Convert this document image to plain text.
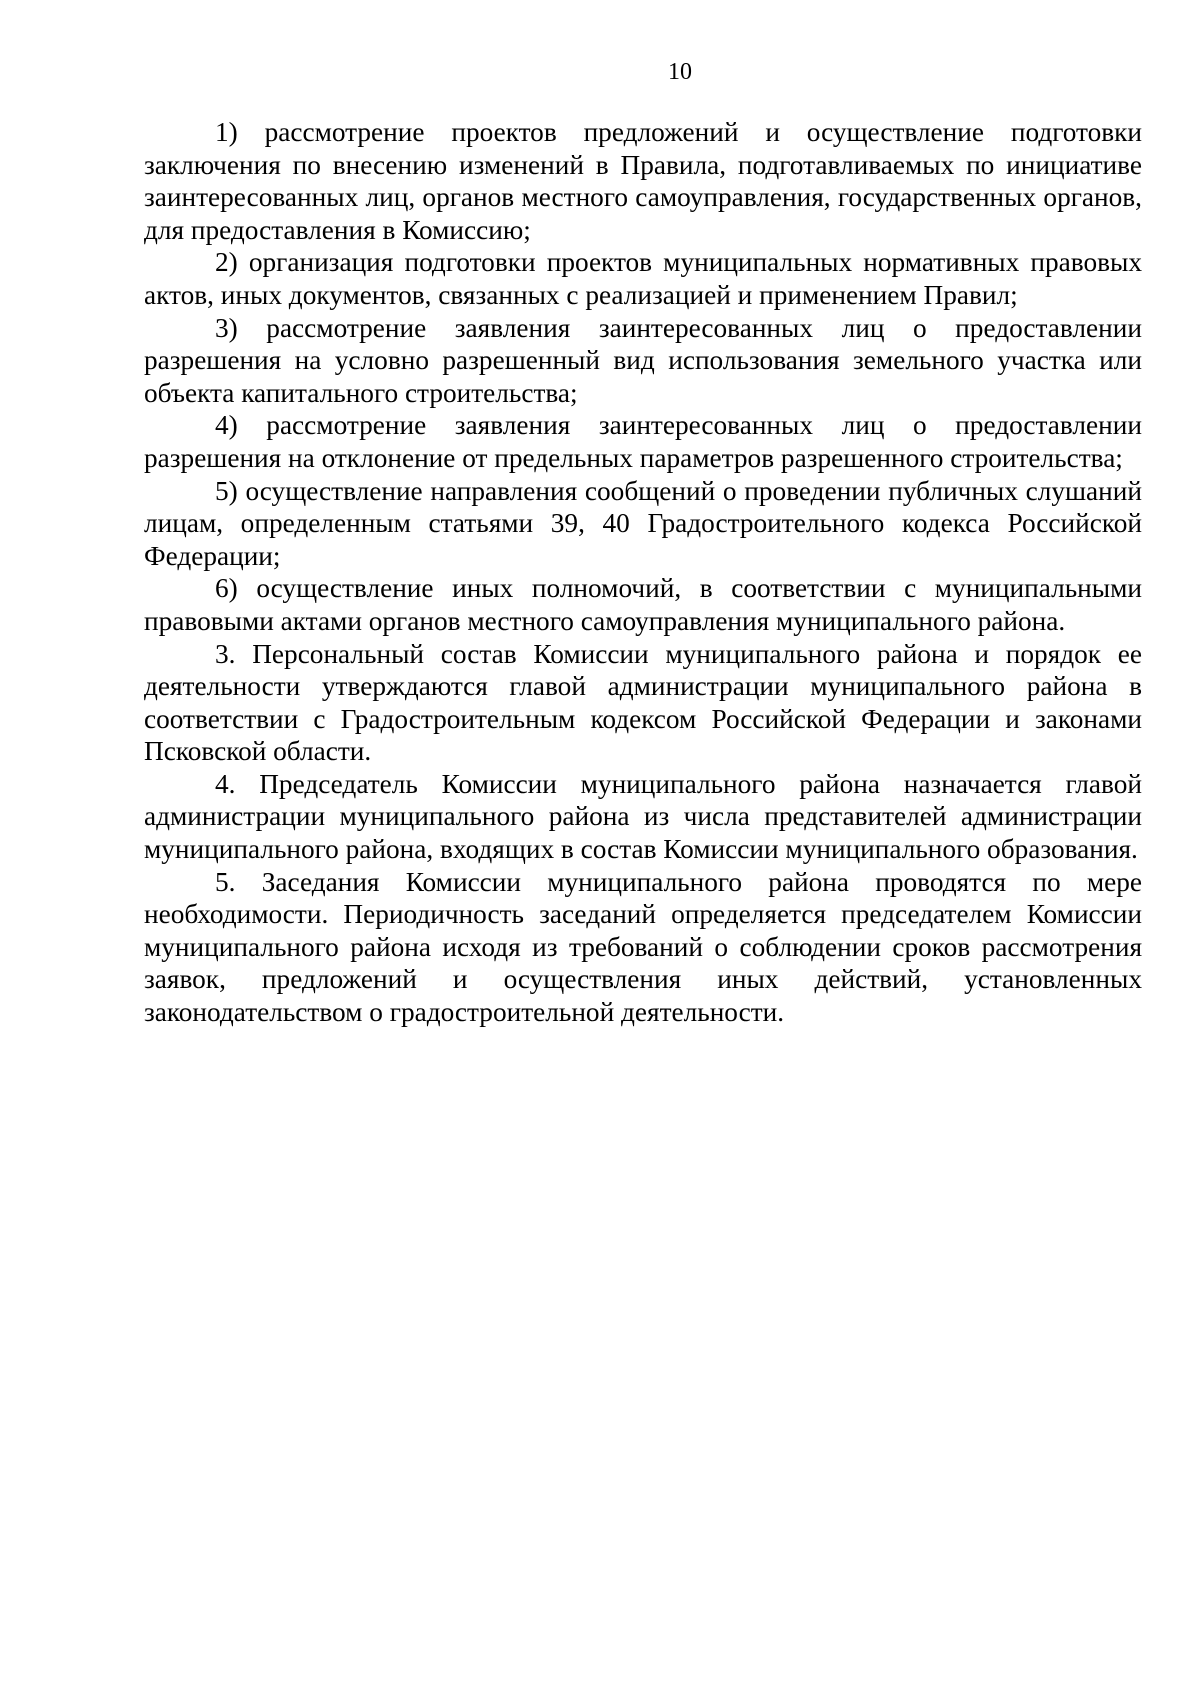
10

1) рассмотрение проектов предложений и осуществление подготовки заключения по внесению изменений в Правила, подготавливаемых по инициативе заинтересованных лиц, органов местного самоуправления, государственных органов, для предоставления в Комиссию;

2) организация подготовки проектов муниципальных нормативных правовых актов, иных документов, связанных с реализацией и применением Правил;

3) рассмотрение заявления заинтересованных лиц о предоставлении разрешения на условно разрешенный вид использования земельного участка или объекта капитального строительства;

4) рассмотрение заявления заинтересованных лиц о предоставлении разрешения на отклонение от предельных параметров разрешенного строительства;

5) осуществление направления сообщений о проведении публичных слушаний лицам, определенным статьями 39, 40 Градостроительного кодекса Российской Федерации;

6) осуществление иных полномочий, в соответствии с муниципальными правовыми актами органов местного самоуправления муниципального района.

3. Персональный состав Комиссии муниципального района и порядок ее деятельности утверждаются главой администрации муниципального района в соответствии с Градостроительным кодексом Российской Федерации и законами Псковской области.

4. Председатель Комиссии муниципального района назначается главой администрации муниципального района из числа представителей администрации муниципального района, входящих в состав Комиссии муниципального образования.

5. Заседания Комиссии муниципального района проводятся по мере необходимости. Периодичность заседаний определяется председателем Комиссии муниципального района исходя из требований о соблюдении сроков рассмотрения заявок, предложений и осуществления иных действий, установленных законодательством о градостроительной деятельности.
